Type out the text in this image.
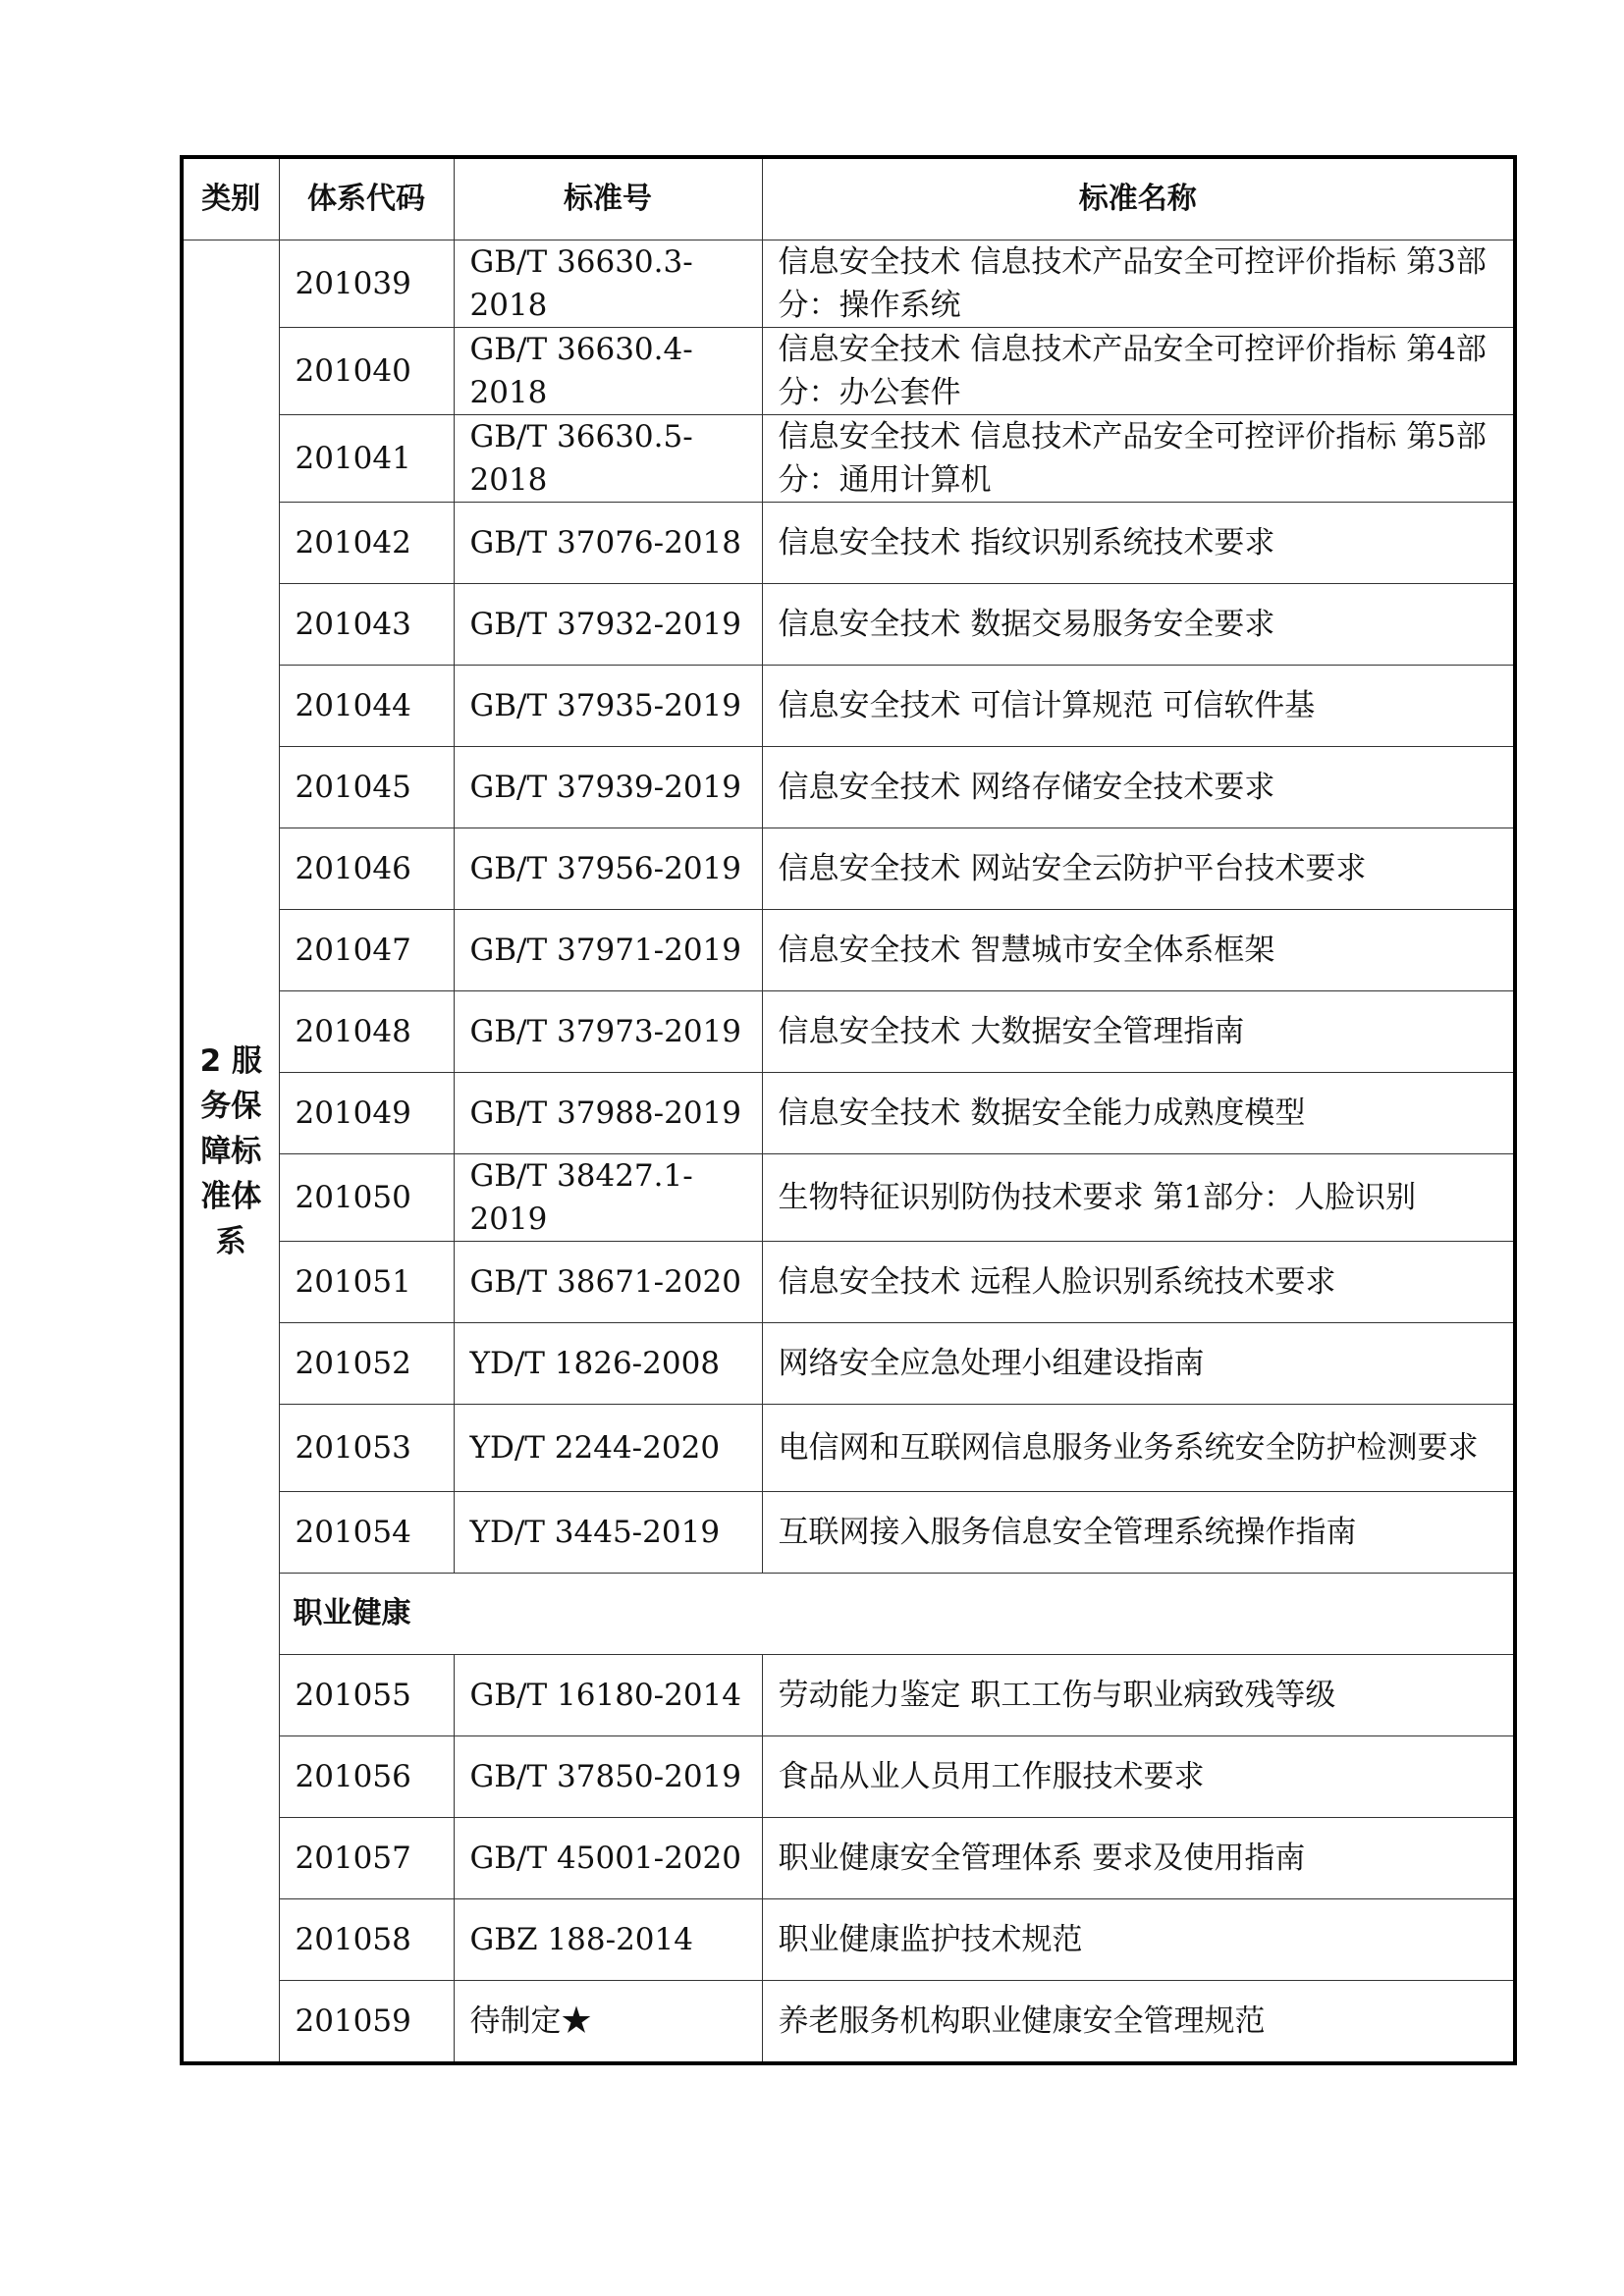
类别	体系代码	标准号	标准名称
2 服务保障标准体系	201039	GB/T 36630.3-2018	信息安全技术 信息技术产品安全可控评价指标 第3部分：操作系统
	201040	GB/T 36630.4-2018	信息安全技术 信息技术产品安全可控评价指标 第4部分：办公套件
	201041	GB/T 36630.5-2018	信息安全技术 信息技术产品安全可控评价指标 第5部分：通用计算机
	201042	GB/T 37076-2018	信息安全技术 指纹识别系统技术要求
	201043	GB/T 37932-2019	信息安全技术 数据交易服务安全要求
	201044	GB/T 37935-2019	信息安全技术 可信计算规范 可信软件基
	201045	GB/T 37939-2019	信息安全技术 网络存储安全技术要求
	201046	GB/T 37956-2019	信息安全技术 网站安全云防护平台技术要求
	201047	GB/T 37971-2019	信息安全技术 智慧城市安全体系框架
	201048	GB/T 37973-2019	信息安全技术 大数据安全管理指南
	201049	GB/T 37988-2019	信息安全技术 数据安全能力成熟度模型
	201050	GB/T 38427.1-2019	生物特征识别防伪技术要求 第1部分：人脸识别
	201051	GB/T 38671-2020	信息安全技术 远程人脸识别系统技术要求
	201052	YD/T 1826-2008	网络安全应急处理小组建设指南
	201053	YD/T 2244-2020	电信网和互联网信息服务业务系统安全防护检测要求
	201054	YD/T 3445-2019	互联网接入服务信息安全管理系统操作指南
	职业健康		
	201055	GB/T 16180-2014	劳动能力鉴定 职工工伤与职业病致残等级
	201056	GB/T 37850-2019	食品从业人员用工作服技术要求
	201057	GB/T 45001-2020	职业健康安全管理体系 要求及使用指南
	201058	GBZ 188-2014	职业健康监护技术规范
	201059	待制定★	养老服务机构职业健康安全管理规范
